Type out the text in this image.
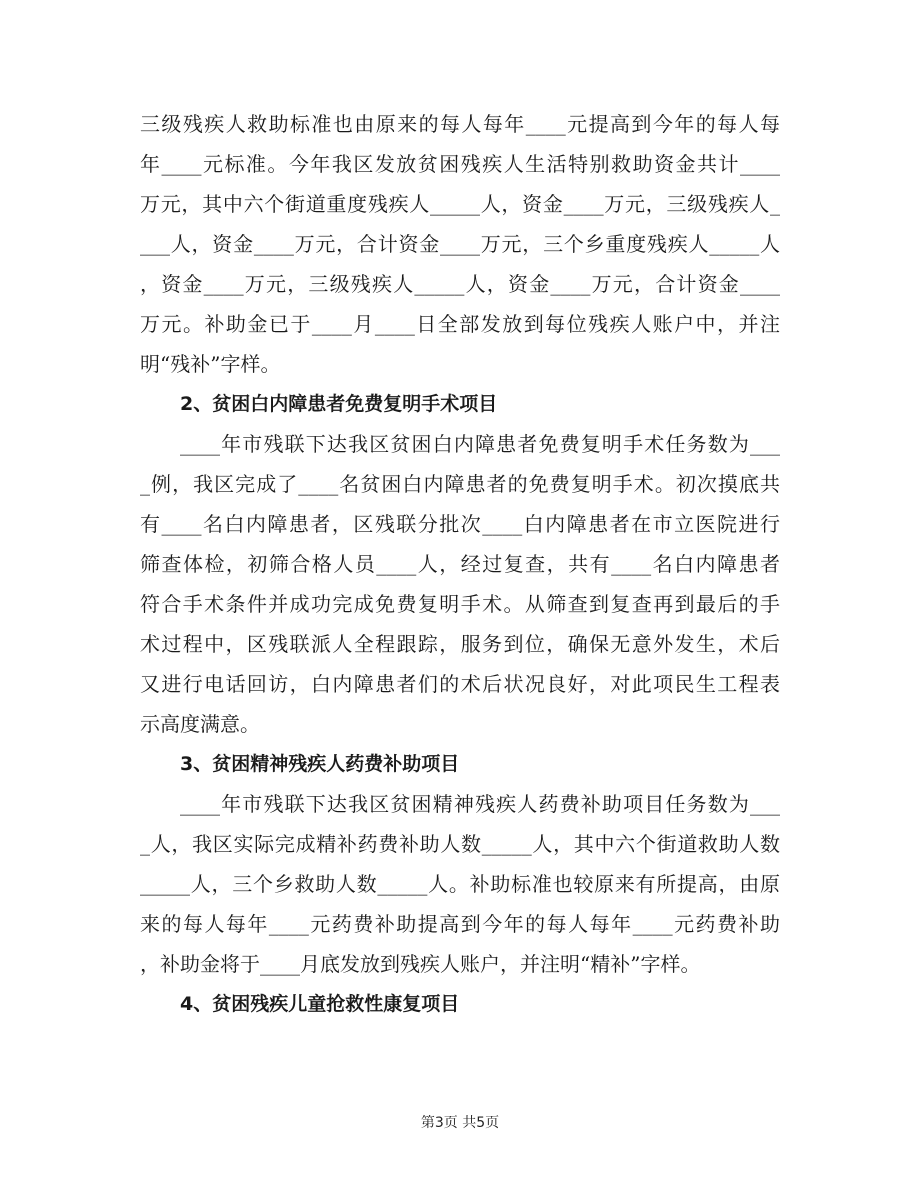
三级残疾人救助标准也由原来的每人每年____元提高到今年的每人每
年____元标准。今年我区发放贫困残疾人生活特别救助资金共计____
万元，其中六个街道重度残疾人_____人，资金____万元，三级残疾人_
___人，资金____万元，合计资金____万元，三个乡重度残疾人_____人
，资金____万元，三级残疾人_____人，资金____万元，合计资金____
万元。补助金已于____月____日全部发放到每位残疾人账户中，并注
明“残补”字样。
2、贫困白内障患者免费复明手术项目
____年市残联下达我区贫困白内障患者免费复明手术任务数为___
_例，我区完成了____名贫困白内障患者的免费复明手术。初次摸底共
有____名白内障患者，区残联分批次____白内障患者在市立医院进行
筛查体检，初筛合格人员____人，经过复查，共有____名白内障患者
符合手术条件并成功完成免费复明手术。从筛查到复查再到最后的手
术过程中，区残联派人全程跟踪，服务到位，确保无意外发生，术后
又进行电话回访，白内障患者们的术后状况良好，对此项民生工程表
示高度满意。
3、贫困精神残疾人药费补助项目
____年市残联下达我区贫困精神残疾人药费补助项目任务数为___
_人，我区实际完成精补药费补助人数_____人，其中六个街道救助人数
_____人，三个乡救助人数_____人。补助标准也较原来有所提高，由原
来的每人每年____元药费补助提高到今年的每人每年____元药费补助
，补助金将于____月底发放到残疾人账户，并注明“精补”字样。
4、贫困残疾儿童抢救性康复项目
第3页 共5页
